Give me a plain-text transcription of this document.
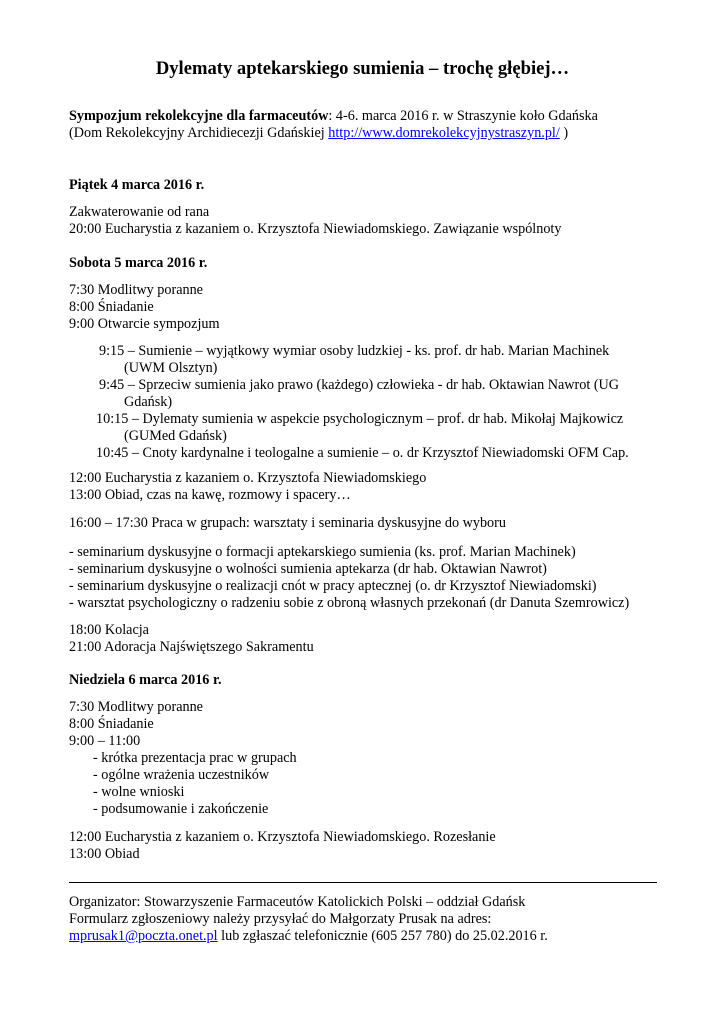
Dylematy aptekarskiego sumienia – trochę głębiej…
Sympozjum rekolekcyjne dla farmaceutów: 4-6. marca 2016 r. w Straszynie koło Gdańska
(Dom Rekolekcyjny Archidiecezji Gdańskiej http://www.domrekolekcyjnystraszyn.pl/ )
Piątek 4 marca 2016 r.
Zakwaterowanie od rana
20:00 Eucharystia z kazaniem o. Krzysztofa Niewiadomskiego. Zawiązanie wspólnoty
Sobota 5 marca 2016 r.
7:30 Modlitwy poranne
8:00 Śniadanie
9:00 Otwarcie sympozjum
9:15 – Sumienie – wyjątkowy wymiar osoby ludzkiej - ks. prof. dr hab. Marian Machinek
(UWM Olsztyn)
9:45 – Sprzeciw sumienia jako prawo (każdego) człowieka - dr hab. Oktawian Nawrot (UG
Gdańsk)
10:15 – Dylematy sumienia w aspekcie psychologicznym – prof. dr hab. Mikołaj Majkowicz
(GUMed Gdańsk)
10:45 – Cnoty kardynalne i teologalne a sumienie – o. dr Krzysztof Niewiadomski OFM Cap.
12:00 Eucharystia z kazaniem o. Krzysztofa Niewiadomskiego
13:00 Obiad, czas na kawę, rozmowy i spacery…
16:00 – 17:30 Praca w grupach: warsztaty i seminaria dyskusyjne do wyboru
- seminarium dyskusyjne o formacji aptekarskiego sumienia (ks. prof. Marian Machinek)
- seminarium dyskusyjne o wolności sumienia aptekarza (dr hab. Oktawian Nawrot)
- seminarium dyskusyjne o realizacji cnót w pracy aptecznej (o. dr Krzysztof Niewiadomski)
- warsztat psychologiczny o radzeniu sobie z obroną własnych przekonań (dr Danuta Szemrowicz)
18:00 Kolacja
21:00 Adoracja Najświętszego Sakramentu
Niedziela 6 marca 2016 r.
7:30 Modlitwy poranne
8:00 Śniadanie
9:00 – 11:00
- krótka prezentacja prac w grupach
- ogólne wrażenia uczestników
- wolne wnioski
- podsumowanie i zakończenie
12:00 Eucharystia z kazaniem o. Krzysztofa Niewiadomskiego. Rozesłanie
13:00 Obiad
Organizator: Stowarzyszenie Farmaceutów Katolickich Polski – oddział Gdańsk
Formularz zgłoszeniowy należy przysyłać do Małgorzaty Prusak na adres:
mprusak1@poczta.onet.pl lub zgłaszać telefonicznie (605 257 780) do 25.02.2016 r.
